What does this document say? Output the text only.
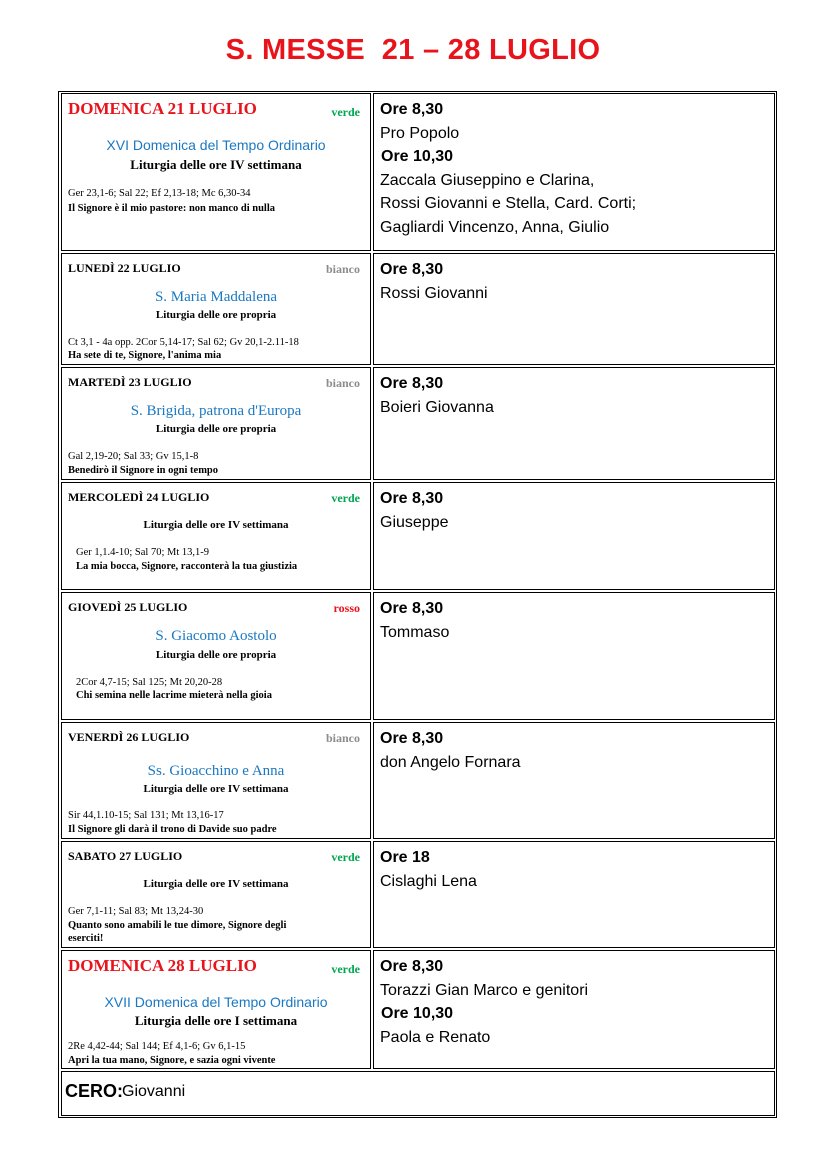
S. MESSE  21 – 28 LUGLIO
DOMENICA 21 LUGLIO	verde
XVI Domenica del Tempo Ordinario
Liturgia delle ore IV settimana
Ger 23,1-6; Sal 22; Ef 2,13-18; Mc 6,30-34
Il Signore è il mio pastore: non manco di nulla
Ore 8,30
Pro Popolo
Ore 10,30
Zaccala Giuseppino e Clarina,
Rossi Giovanni e Stella, Card. Corti;
Gagliardi Vincenzo, Anna, Giulio
LUNEDÌ 22 LUGLIO	bianco
S. Maria Maddalena
Liturgia delle ore propria
Ct 3,1 - 4a opp. 2Cor 5,14-17; Sal 62; Gv 20,1-2.11-18
Ha sete di te, Signore, l'anima mia
Ore 8,30
Rossi Giovanni
MARTEDÌ 23 LUGLIO	bianco
S. Brigida, patrona d'Europa
Liturgia delle ore propria
Gal 2,19-20; Sal 33; Gv 15,1-8
Benedirò il Signore in ogni tempo
Ore 8,30
Boieri Giovanna
MERCOLEDÌ 24 LUGLIO	verde
Liturgia delle ore IV settimana
Ger 1,1.4-10; Sal 70; Mt 13,1-9
La mia bocca, Signore, racconterà la tua giustizia
Ore 8,30
Giuseppe
GIOVEDÌ 25 LUGLIO	rosso
S. Giacomo Aostolo
Liturgia delle ore propria
2Cor 4,7-15; Sal 125; Mt 20,20-28
Chi semina nelle lacrime mieterà nella gioia
Ore 8,30
Tommaso
VENERDÌ 26 LUGLIO	bianco
Ss. Gioacchino e Anna
Liturgia delle ore IV settimana
Sir 44,1.10-15; Sal 131; Mt 13,16-17
Il Signore gli darà il trono di Davide suo padre
Ore 8,30
don Angelo Fornara
SABATO 27 LUGLIO	verde
Liturgia delle ore IV settimana
Ger 7,1-11; Sal 83; Mt 13,24-30
Quanto sono amabili le tue dimore, Signore degli eserciti!
Ore 18
Cislaghi Lena
DOMENICA 28 LUGLIO	verde
XVII Domenica del Tempo Ordinario
Liturgia delle ore I settimana
2Re 4,42-44; Sal 144; Ef 4,1-6; Gv 6,1-15
Apri la tua mano, Signore, e sazia ogni vivente
Ore 8,30
Torazzi Gian Marco e genitori
Ore 10,30
Paola e Renato
CERO: Giovanni
